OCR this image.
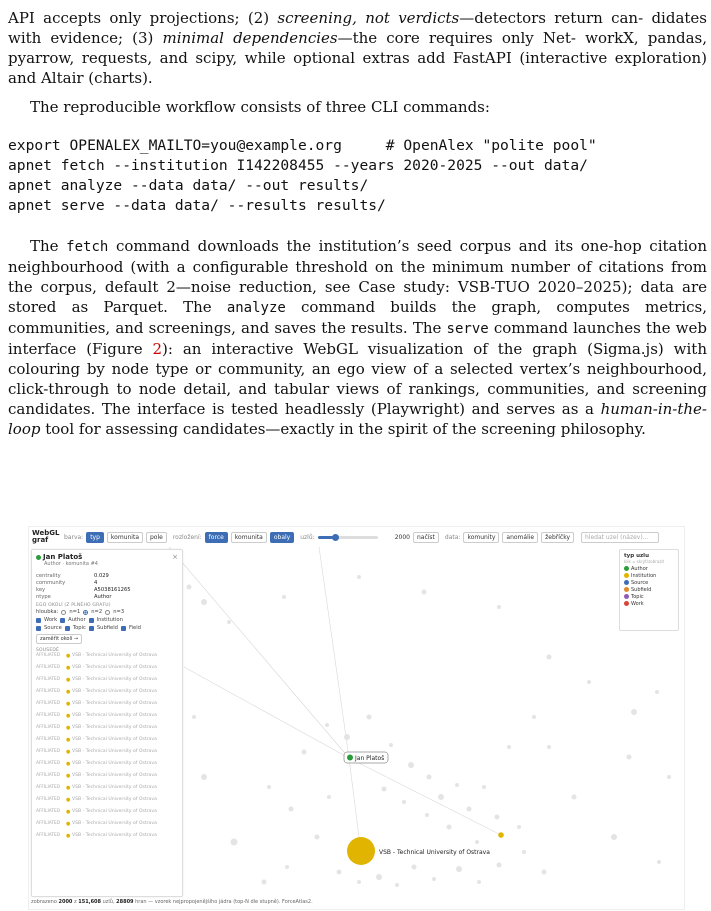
API accepts only projections; (2) screening, not verdicts—detectors return can- didates with evidence; (3) minimal dependencies—the core requires only Net- workX, pandas, pyarrow, requests, and scipy, while optional extras add FastAPI (interactive exploration) and Altair (charts).
The reproducible workflow consists of three CLI commands:
export OPENALEX_MAILTO=you@example.org     # OpenAlex "polite pool"
apnet fetch --institution I142208455 --years 2020-2025 --out data/
apnet analyze --data data/ --out results/
apnet serve --data data/ --results results/
The fetch command downloads the institution’s seed corpus and its one-hop citation neighbourhood (with a configurable threshold on the minimum number of citations from the corpus, default 2—noise reduction, see Case study: VSB-TUO 2020–2025); data are stored as Parquet. The analyze command builds the graph, computes metrics, communities, and screenings, and saves the results. The serve command launches the web interface (Figure 2): an interactive WebGL visualization of the graph (Sigma.js) with colouring by node type or community, an ego view of a selected vertex’s neighbourhood, click-through to node detail, and tabular views of rankings, communities, and screening candidates. The interface is tested headlessly (Playwright) and serves as a human-in-the-loop tool for assessing candidates—exactly in the spirit of the screening philosophy.
WebGL graf	barva:	typ	komunita	pole	rozložení:	force	komunita	obaly	uzlů:	2000	načíst	data:	komunity	anomálie	žebříčky	hledat uzel (název)...
Jan Platoš
VSB - Technical University of Ostrava
Jan Platoš	×
Author · komunita #4
centrality	0.029
community	4
key	A5038161265
ntype	Author
EGO OKOLÍ (Z PLNÉHO GRAFU)
hloubka: n=1 n=2 n=3
Work Author Institution
Source Topic Subfield Field
zaměřit okolí →
SOUSEDÉ
AFFILIATED	● VSB - Technical University of Ostrava
AFFILIATED	● VSB - Technical University of Ostrava
AFFILIATED	● VSB - Technical University of Ostrava
AFFILIATED	● VSB - Technical University of Ostrava
AFFILIATED	● VSB - Technical University of Ostrava
AFFILIATED	● VSB - Technical University of Ostrava
AFFILIATED	● VSB - Technical University of Ostrava
AFFILIATED	● VSB - Technical University of Ostrava
AFFILIATED	● VSB - Technical University of Ostrava
AFFILIATED	● VSB - Technical University of Ostrava
AFFILIATED	● VSB - Technical University of Ostrava
AFFILIATED	● VSB - Technical University of Ostrava
AFFILIATED	● VSB - Technical University of Ostrava
AFFILIATED	● VSB - Technical University of Ostrava
AFFILIATED	● VSB - Technical University of Ostrava
AFFILIATED	● VSB - Technical University of Ostrava
typ uzlu
klik = skrýt/zobrazit
Author
Institution
Source
Subfield
Topic
Work
zobrazeno 2000 z 151,608 uzlů, 28809 hran — vzorek nejpropojenějšího jádra (top-N dle stupně). ForceAtlas2.
